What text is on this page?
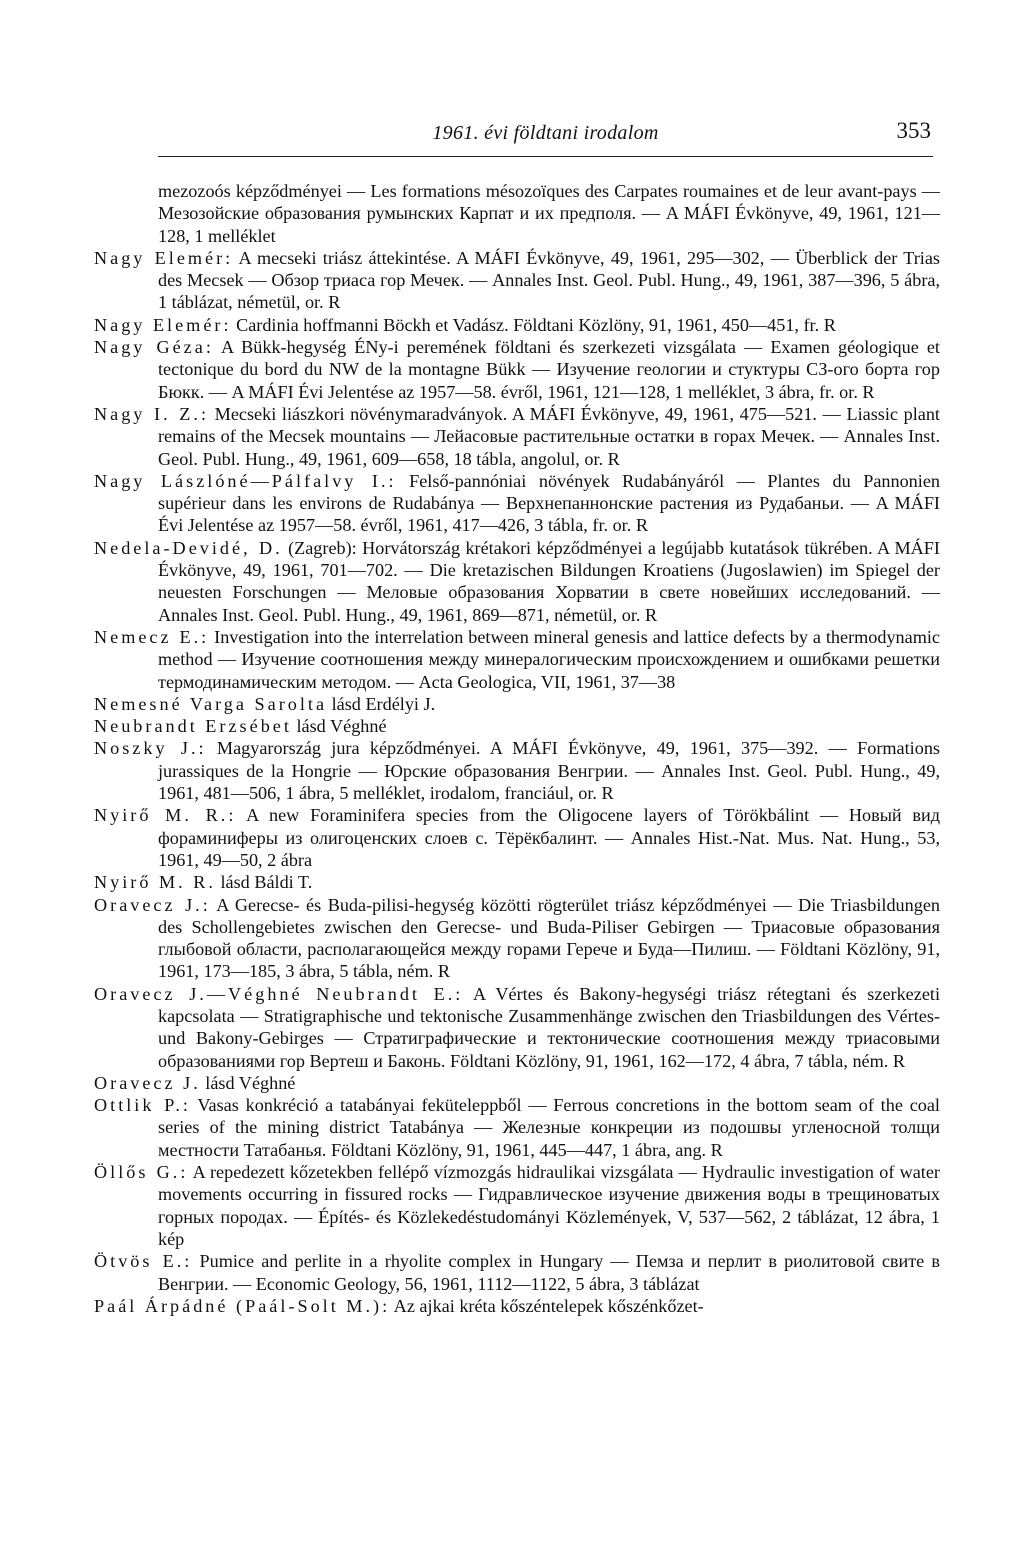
1961. évi földtani irodalom	353

mezozoós képződményei — Les formations mésozoïques des Carpates roumaines et de leur avant-pays — Мезозойские образования румынских Карпат и их предполя. — A MÁFI Évkönyve, 49, 1961, 121—128, 1 melléklet

Nagy Elemér: A mecseki triász áttekintése. A MÁFI Évkönyve, 49, 1961, 295—302, — Überblick der Trias des Mecsek — Обзор триаса гор Мечек. — Annales Inst. Geol. Publ. Hung., 49, 1961, 387—396, 5 ábra, 1 táblázat, németül, or. R

Nagy Elemér: Cardinia hoffmanni Böckh et Vadász. Földtani Közlöny, 91, 1961, 450—451, fr. R

Nagy Géza: A Bükk-hegység ÉNy-i peremének földtani és szerkezeti vizsgálata — Examen géologique et tectonique du bord du NW de la montagne Bükk — Изучение геологии и стуктуры СЗ-ого борта гор Бюкк. — A MÁFI Évi Jelentése az 1957—58. évről, 1961, 121—128, 1 melléklet, 3 ábra, fr. or. R

Nagy I. Z.: Mecseki liászkori növénymaradványok. A MÁFI Évkönyve, 49, 1961, 475—521. — Liassic plant remains of the Mecsek mountains — Лейасовые растительные остатки в горах Мечек. — Annales Inst. Geol. Publ. Hung., 49, 1961, 609—658, 18 tábla, angolul, or. R

Nagy Lászlóné—Pálfalvy I.: Felső-pannóniai növények Rudabányáról — Plantes du Pannonien supérieur dans les environs de Rudabánya — Верхнепаннонские растения из Рудабаньи. — A MÁFI Évi Jelentése az 1957—58. évről, 1961, 417—426, 3 tábla, fr. or. R

Nedela-Devidé, D. (Zagreb): Horvátország krétakori képződményei a legújabb kutatások tükrében. A MÁFI Évkönyve, 49, 1961, 701—702. — Die kretazischen Bildungen Kroatiens (Jugoslawien) im Spiegel der neuesten Forschungen — Меловые образования Хорватии в свете новейших исследований. — Annales Inst. Geol. Publ. Hung., 49, 1961, 869—871, németül, or. R

Nemecz E.: Investigation into the interrelation between mineral genesis and lattice defects by a thermodynamic method — Изучение соотношения между минералогическим происхождением и ошибками решетки термодинамическим методом. — Acta Geologica, VII, 1961, 37—38

Nemesné Varga Sarolta lásd Erdélyi J.

Neubrandt Erzsébet lásd Véghné

Noszky J.: Magyarország jura képződményei. A MÁFI Évkönyve, 49, 1961, 375—392. — Formations jurassiques de la Hongrie — Юрские образования Венгрии. — Annales Inst. Geol. Publ. Hung., 49, 1961, 481—506, 1 ábra, 5 melléklet, irodalom, franciául, or. R

Nyirő M. R.: A new Foraminifera species from the Oligocene layers of Törökbálint — Новый вид фораминиферы из олигоценских слоев с. Тёрёкбалинт. — Annales Hist.-Nat. Mus. Nat. Hung., 53, 1961, 49—50, 2 ábra

Nyirő M. R. lásd Báldi T.

Oravecz J.: A Gerecse- és Buda-pilisi-hegység közötti rögterület triász képződményei — Die Triasbildungen des Schollengebietes zwischen den Gerecse- und Buda-Piliser Gebirgen — Триасовые образования глыбовой области, располагающейся между горами Герече и Буда—Пилиш. — Földtani Közlöny, 91, 1961, 173—185, 3 ábra, 5 tábla, ném. R

Oravecz J.—Véghné Neubrandt E.: A Vértes és Bakony-hegységi triász rétegtani és szerkezeti kapcsolata — Stratigraphische und tektonische Zusammenhänge zwischen den Triasbildungen des Vértes- und Bakony-Gebirges — Стратиграфические и тектонические соотношения между триасовыми образованиями гор Вертеш и Баконь. Földtani Közlöny, 91, 1961, 162—172, 4 ábra, 7 tábla, ném. R

Oravecz J. lásd Véghné

Ottlik P.: Vasas konkréció a tatabányai feküteleppből — Ferrous concretions in the bottom seam of the coal series of the mining district Tatabánya — Железные конкреции из подошвы угленосной толщи местности Татабанья. Földtani Közlöny, 91, 1961, 445—447, 1 ábra, ang. R

Öllős G.: A repedezett kőzetekben fellépő vízmozgás hidraulikai vizsgálata — Hydraulic investigation of water movements occurring in fissured rocks — Гидравлическое изучение движения воды в трещиноватых горных породах. — Építés- és Közlekedéstudományi Közlemények, V, 537—562, 2 táblázat, 12 ábra, 1 kép

Ötvös E.: Pumice and perlite in a rhyolite complex in Hungary — Пемза и перлит в риолитовой свите в Венгрии. — Economic Geology, 56, 1961, 1112—1122, 5 ábra, 3 táblázat

Paál Árpádné (Paál-Solt M.): Az ajkai kréta kőszéntelepek kőszénkőzet-
